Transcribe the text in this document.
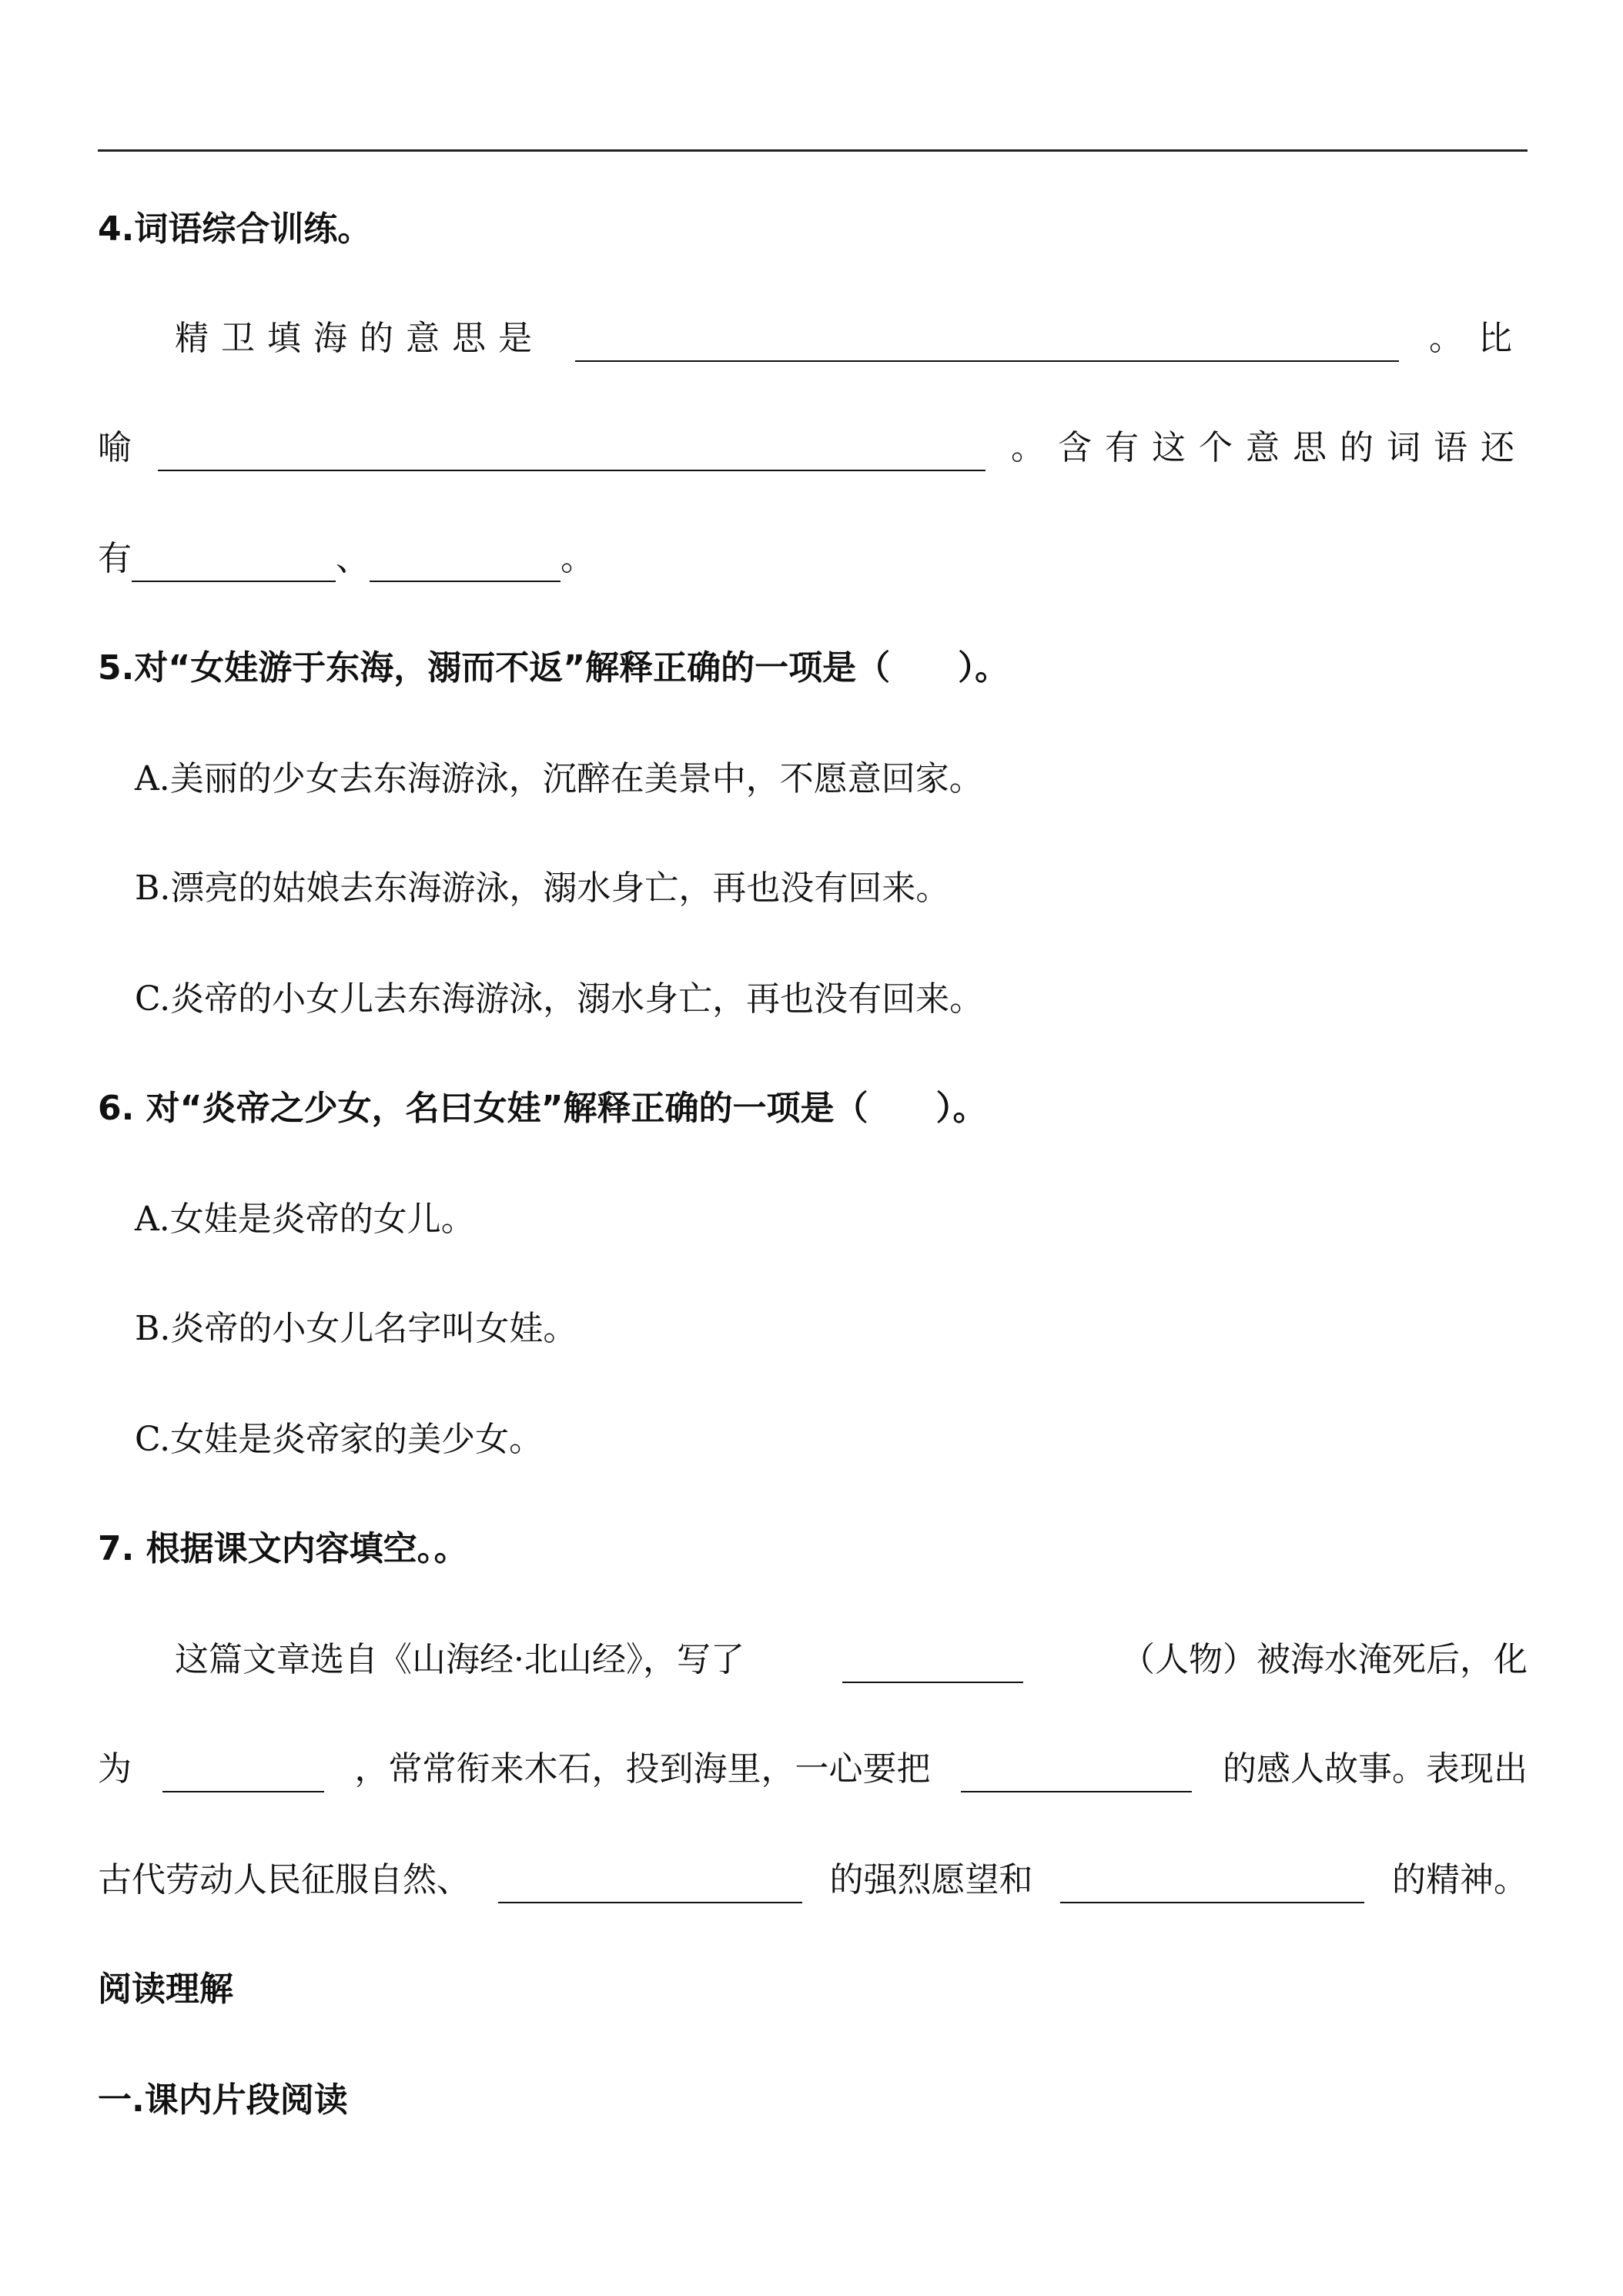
4.词语综合训练。
精卫填海的意思是	。比
喻	。含有这个意思的词语还
有	、	。
5.对“女娃游于东海，溺而不返”解释正确的一项是（　　）。
A.美丽的少女去东海游泳，沉醉在美景中，不愿意回家。
B.漂亮的姑娘去东海游泳，溺水身亡，再也没有回来。
C.炎帝的小女儿去东海游泳，溺水身亡，再也没有回来。
6. 对“炎帝之少女，名曰女娃”解释正确的一项是（　　）。
A.女娃是炎帝的女儿。
B.炎帝的小女儿名字叫女娃。
C.女娃是炎帝家的美少女。
7. 根据课文内容填空。。
这篇文章选自《山海经·北山经》，写了	（人物）被海水淹死后，化
为	，常常衔来木石，投到海里，一心要把	的感人故事。表现出
古代劳动人民征服自然、	的强烈愿望和	的精神。
阅读理解
一.课内片段阅读
